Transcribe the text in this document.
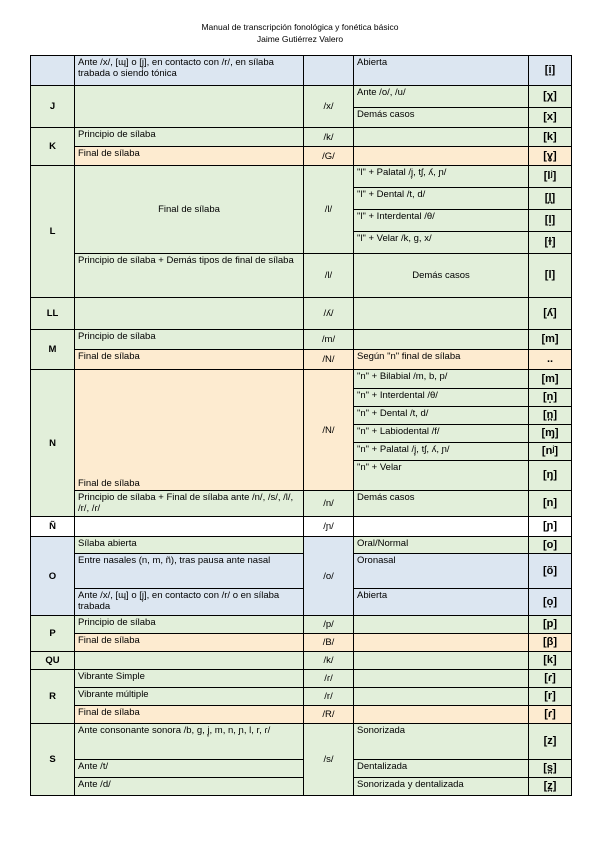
Manual de transcripción fonológica y fonética básico
Jaime Gutiérrez Valero
	Ante /x/, [ɰ] o [j̞], en contacto con /r/, en sílaba trabada o siendo tónica		Abierta	[i̞]
J		/x/	Ante /o/, /u/	[χ]
			Demás casos	[x]
K	Principio de sílaba	/k/		[k]
	Final de sílaba	/G/		[ɣ]
L	Final de sílaba	/l/	"l" + Palatal /j̞, tʃ, ʎ, ɲ/	[lʲ]
			"l" + Dental /t, d/	[l̪]
			"l" + Interdental /θ/	[l̟]
			"l" + Velar /k, g, x/	[ɫ]
	Principio de sílaba + Demás tipos de final de sílaba	/l/	Demás casos	[l]
LL		/ʎ/		[ʎ]
M	Principio de sílaba	/m/		[m]
	Final de sílaba	/N/	Según "n" final de sílaba	..
N	Final de sílaba	/N/	"n" + Bilabial /m, b, p/	[m]
			"n" + Interdental /θ/	[n̟]
			"n" + Dental /t, d/	[n̪]
			"n" + Labiodental /f/	[ɱ]
			"n" + Palatal /j̞, tʃ, ʎ, ɲ/	[nʲ]
			"n" + Velar	[ŋ]
	Principio de sílaba + Final de sílaba ante /n/, /s/, /l/, /r/, /ɾ/	/n/	Demás casos	[n]
Ñ		/ɲ/		[ɲ]
O	Sílaba abierta	/o/	Oral/Normal	[o]
	Entre nasales (n, m, ñ), tras pausa ante nasal		Oronasal	[õ]
	Ante /x/, [ɰ] o [j̞], en contacto con /r/ o en sílaba trabada		Abierta	[o̞]
P	Principio de sílaba	/p/		[p]
	Final de sílaba	/B/		[β]
QU		/k/		[k]
R	Vibrante Simple	/ɾ/		[ɾ]
	Vibrante múltiple	/r/		[r]
	Final de sílaba	/R/		[ɾ]
S	Ante consonante sonora /b, g, j̞, m, n, ɲ, l, r, ɾ/	/s/	Sonorizada	[z]
	Ante /t/		Dentalizada	[s̪]
	Ante /d/		Sonorizada y dentalizada	[z̪]
